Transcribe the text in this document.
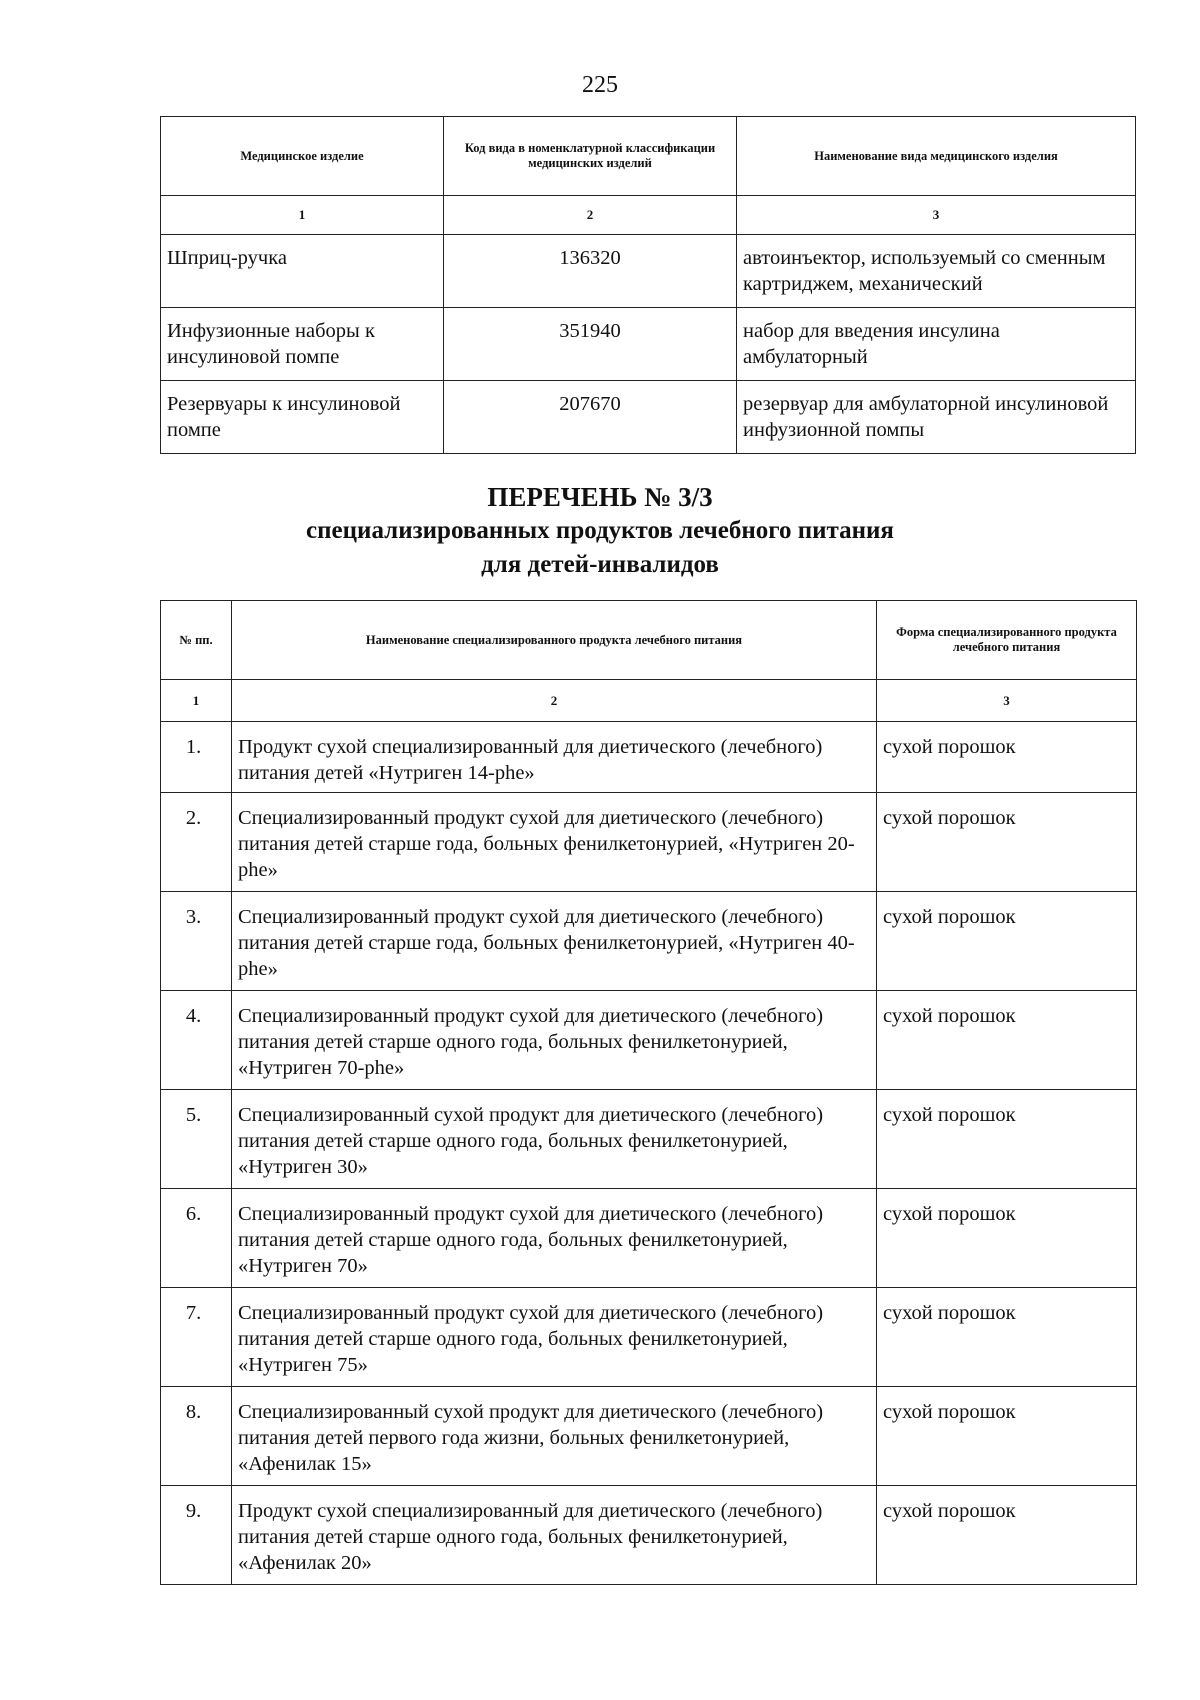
225
Медицинское изделие	Код вида в номенклатурной классификации медицинских изделий	Наименование вида медицинского изделия
1	2	3
Шприц-ручка	136320	автоинъектор, используемый со сменным картриджем, механический
Инфузионные наборы к инсулиновой помпе	351940	набор для введения инсулина амбулаторный
Резервуары к инсулиновой помпе	207670	резервуар для амбулаторной инсулиновой инфузионной помпы
ПЕРЕЧЕНЬ № 3/3
специализированных продуктов лечебного питания
для детей-инвалидов
№ пп.	Наименование специализированного продукта лечебного питания	Форма специализированного продукта лечебного питания
1	2	3
1.	Продукт сухой специализированный для диетического (лечебного) питания детей «Нутриген 14-phe»	сухой порошок
2.	Специализированный продукт сухой для диетического (лечебного) питания детей старше года, больных фенилкетонурией, «Нутриген 20-phe»	сухой порошок
3.	Специализированный продукт сухой для диетического (лечебного) питания детей старше года, больных фенилкетонурией, «Нутриген 40-phe»	сухой порошок
4.	Специализированный продукт сухой для диетического (лечебного) питания детей старше одного года, больных фенилкетонурией, «Нутриген 70-phe»	сухой порошок
5.	Специализированный сухой продукт для диетического (лечебного) питания детей старше одного года, больных фенилкетонурией, «Нутриген 30»	сухой порошок
6.	Специализированный продукт сухой для диетического (лечебного) питания детей старше одного года, больных фенилкетонурией, «Нутриген 70»	сухой порошок
7.	Специализированный продукт сухой для диетического (лечебного) питания детей старше одного года, больных фенилкетонурией, «Нутриген 75»	сухой порошок
8.	Специализированный сухой продукт для диетического (лечебного) питания детей первого года жизни, больных фенилкетонурией, «Афенилак 15»	сухой порошок
9.	Продукт сухой специализированный для диетического (лечебного) питания детей старше одного года, больных фенилкетонурией, «Афенилак 20»	сухой порошок
